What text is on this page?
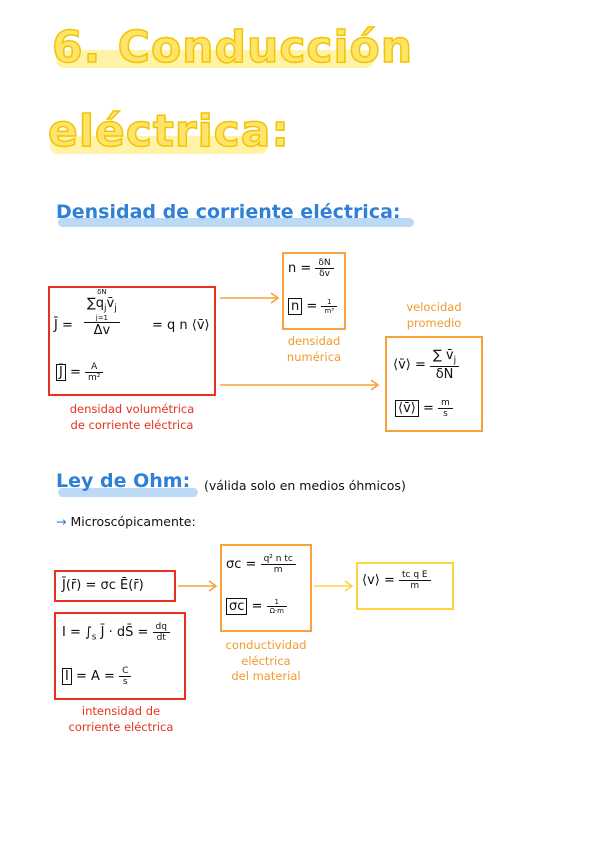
6. Conducción
eléctrica:
Densidad de corriente eléctrica:
J̄ = δN
$\sum q_jv̄_j$
j=1
Δv = q n ⟨v̄⟩
J̄ = $\frac{A}{\text{m²}}$
densidad volumétrica
de corriente eléctrica
$n = \frac{\delta N}{\delta v}$
$n = \frac{1}{\text{m³}}$
densidad
numérica
velocidad
promedio
⟨v̄⟩ = $\frac{\sum v̄_j}{\delta N}$
⟨v̄⟩ = $\frac{m}{s}$
Ley de Ohm: (válida solo en medios óhmicos)
→ Microscópicamente:
J̄(r̄) = σc Ē(r̄)
$I = \int_s$ J̄ · dS̄ = $\frac{dq}{dt}$
$I = A = \frac{C}{s}$
intensidad de
corriente eléctrica
$\sigma c = \frac{\text{q² n tc}}{m}$
$\sigma c = \frac{1}{\Omega\cdot m}$
conductividad
eléctrica
del material
⟨v⟩ = $\frac{\text{tc q E}}{m}$
